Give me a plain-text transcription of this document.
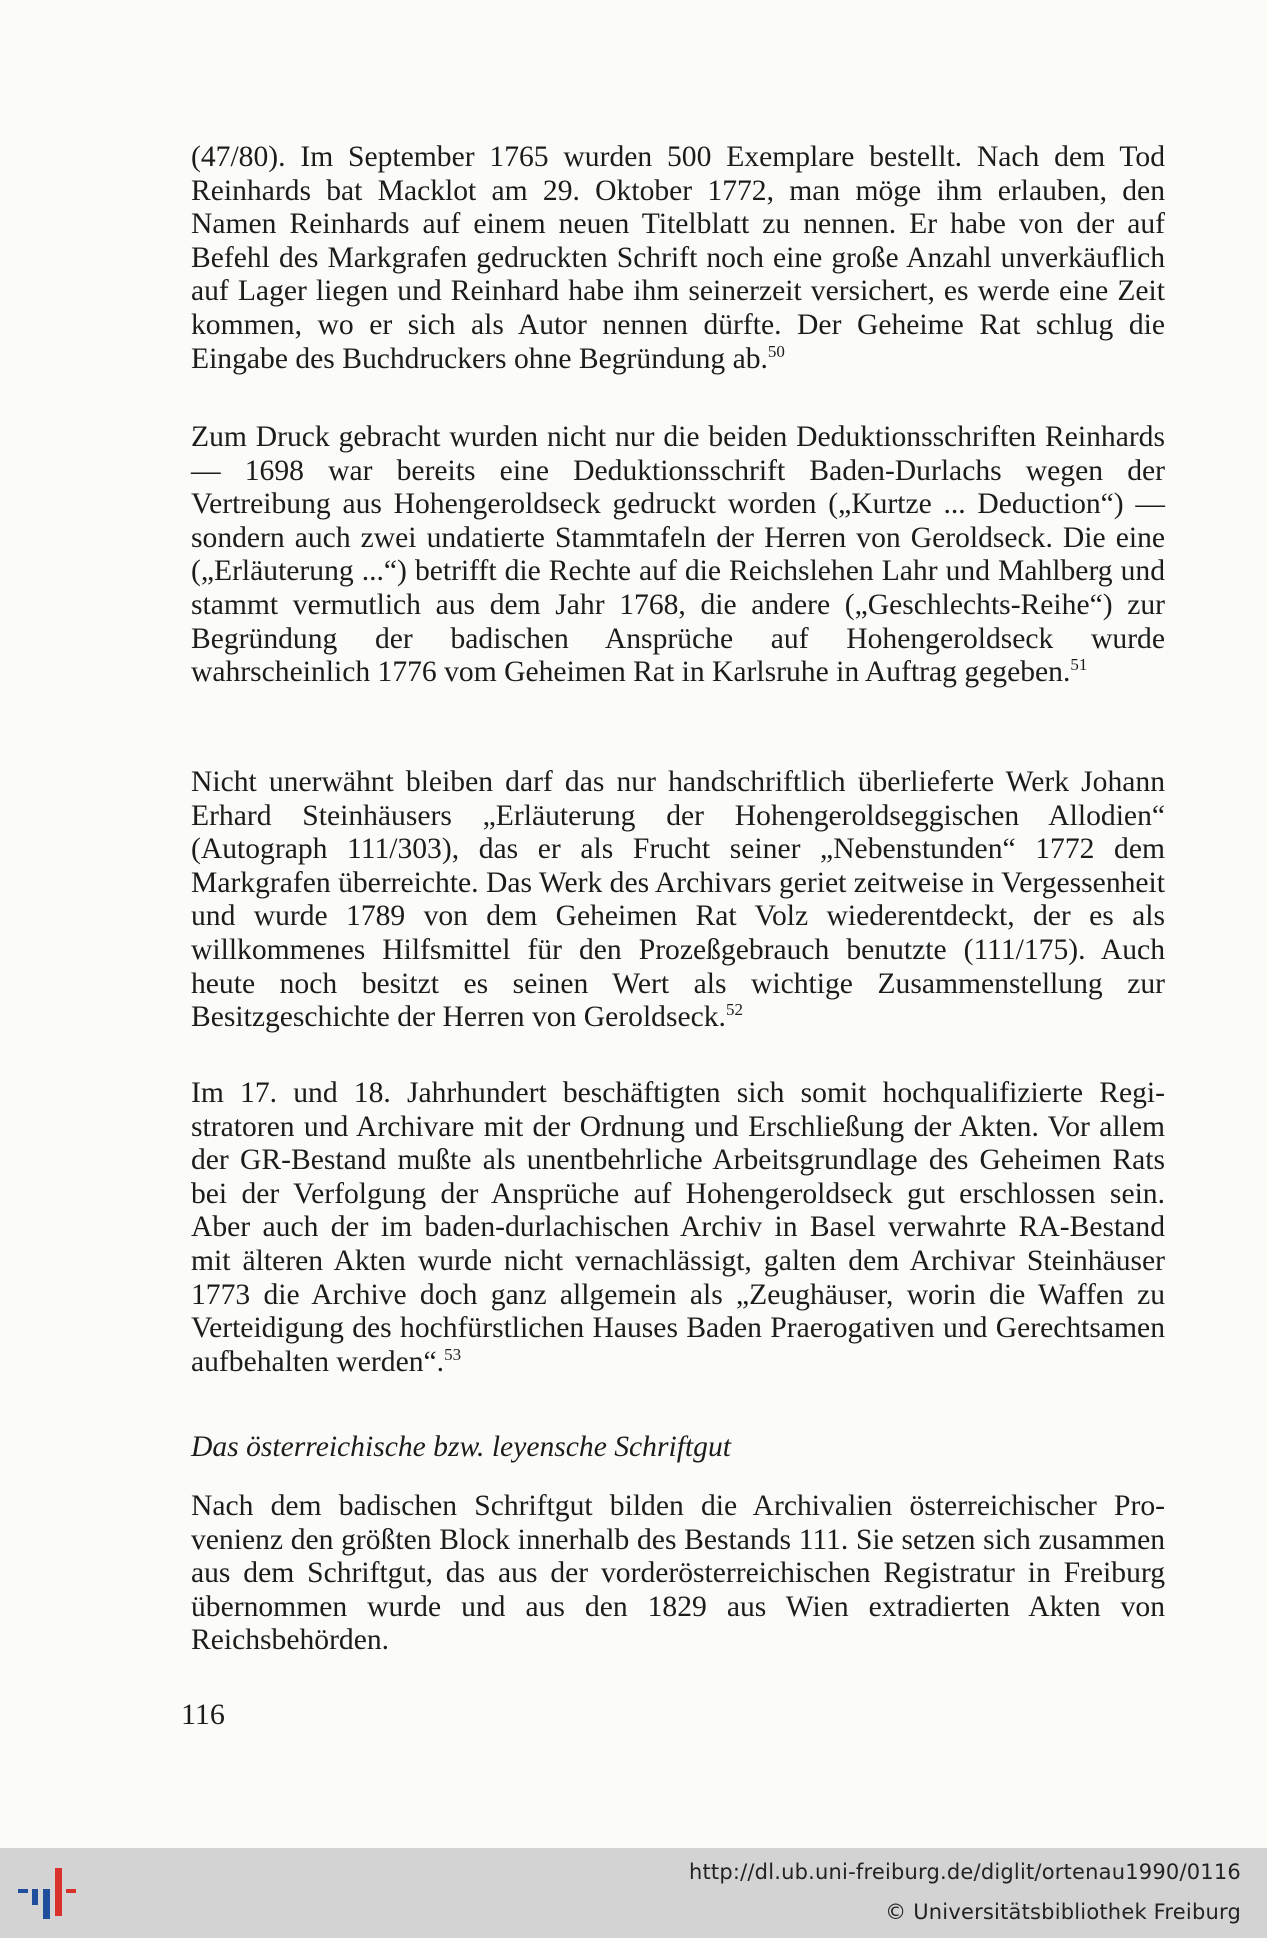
(47/80). Im September 1765 wurden 500 Exemplare bestellt. Nach dem Tod Reinhards bat Macklot am 29. Oktober 1772, man möge ihm erlauben, den Namen Reinhards auf einem neuen Titelblatt zu nennen. Er habe von der auf Befehl des Markgrafen gedruckten Schrift noch eine große Anzahl unverkäuflich auf Lager liegen und Reinhard habe ihm seinerzeit versichert, es werde eine Zeit kommen, wo er sich als Autor nennen dürfte. Der Geheime Rat schlug die Eingabe des Buchdruckers ohne Begründung ab.$^{50}$

Zum Druck gebracht wurden nicht nur die beiden Deduktionsschriften Reinhards — 1698 war bereits eine Deduktionsschrift Baden-Durlachs wegen der Vertreibung aus Hohengeroldseck gedruckt worden („Kurtze ... Deduction“) — sondern auch zwei undatierte Stammtafeln der Herren von Geroldseck. Die eine („Erläuterung ...“) betrifft die Rechte auf die Reichslehen Lahr und Mahlberg und stammt vermutlich aus dem Jahr 1768, die andere („Geschlechts-Reihe“) zur Begründung der badischen Ansprüche auf Hohengeroldseck wurde wahrscheinlich 1776 vom Geheimen Rat in Karlsruhe in Auftrag gegeben.$^{51}$

Nicht unerwähnt bleiben darf das nur handschriftlich überlieferte Werk Johann Erhard Steinhäusers „Erläuterung der Hohengeroldseggischen Allodien“ (Autograph 111/303), das er als Frucht seiner „Nebenstunden“ 1772 dem Markgrafen überreichte. Das Werk des Archivars geriet zeitweise in Vergessenheit und wurde 1789 von dem Geheimen Rat Volz wiederentdeckt, der es als willkommenes Hilfsmittel für den Prozeßgebrauch benutzte (111/175). Auch heute noch besitzt es seinen Wert als wichtige Zusammenstellung zur Besitzgeschichte der Herren von Geroldseck.$^{52}$

Im 17. und 18. Jahrhundert beschäftigten sich somit hochqualifizierte Registratoren und Archivare mit der Ordnung und Erschließung der Akten. Vor allem der GR-Bestand mußte als unentbehrliche Arbeitsgrundlage des Geheimen Rats bei der Verfolgung der Ansprüche auf Hohengeroldseck gut erschlossen sein. Aber auch der im baden-durlachischen Archiv in Basel verwahrte RA-Bestand mit älteren Akten wurde nicht vernachlässigt, galten dem Archivar Steinhäuser 1773 die Archive doch ganz allgemein als „Zeughäuser, worin die Waffen zu Verteidigung des hochfürstlichen Hauses Baden Praerogativen und Gerechtsamen aufbehalten werden“.$^{53}$

Das österreichische bzw. leyensche Schriftgut

Nach dem badischen Schriftgut bilden die Archivalien österreichischer Provenienz den größten Block innerhalb des Bestands 111. Sie setzen sich zusammen aus dem Schriftgut, das aus der vorderösterreichischen Registratur in Freiburg übernommen wurde und aus den 1829 aus Wien extradierten Akten von Reichsbehörden.

116
http://dl.ub.uni-freiburg.de/diglit/ortenau1990/0116
© Universitätsbibliothek Freiburg
